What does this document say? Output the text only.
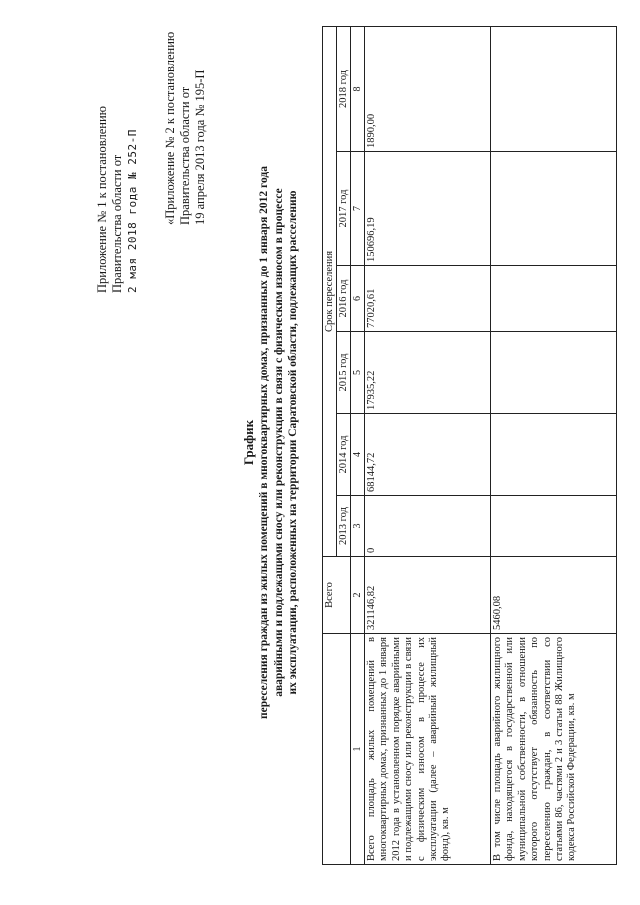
Приложение № 1 к постановлению Правительства области от 2 мая 2018 года № 252-П «Приложение № 2 к постановлению Правительства области от 19 апреля 2013 года № 195-П
График переселения граждан из жилых помещений в многоквартирных домах, признанных до 1 января 2012 года аварийными и подлежащими сносу или реконструкции в связи с физическим износом в процессе их эксплуатации, расположенных на территории Саратовской области, подлежащих расселению
	Всего	Срок переселения					
		2013 год	2014 год	2015 год	2016 год	2017 год	2018 год
1	2	3	4	5	6	7	8
Всего площадь жилых помещений в многоквартирных домах, признанных до 1 января 2012 года в установленном порядке аварийными и подлежащими сносу или реконструкции в связи с физическим износом в процессе их эксплуатации (далее – аварийный жилищный фонд), кв. м	321146,82	0	68144,72	17935,22	77020,61	150696,19	1890,00
В том числе площадь аварийного жилищного фонда, находящегося в государственной или муниципальной собственности, в отношении которого отсутствует обязанность по переселению граждан, в соответствии со статьями 86, частями 2 и 3 статьи 88 Жилищного кодекса Российской Федерации, кв. м	5460,08						
